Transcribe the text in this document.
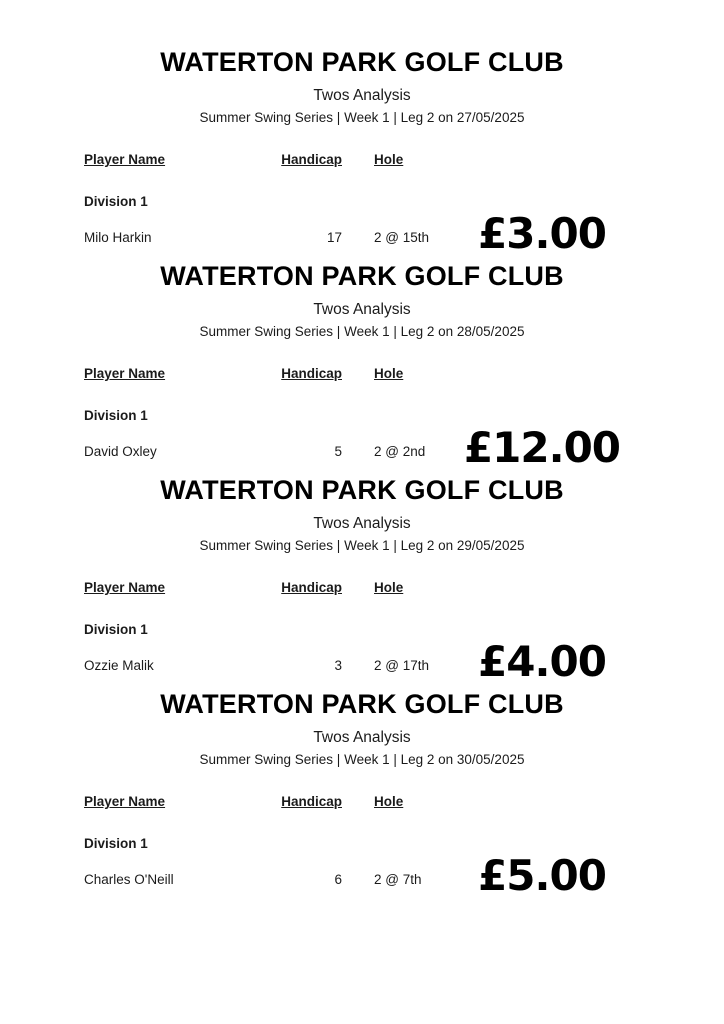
WATERTON PARK GOLF CLUB
Twos Analysis
Summer Swing Series | Week 1 | Leg 2 on 27/05/2025
Player Name	Handicap Hole
Division 1
Milo Harkin	17 2 @ 15th	£3.00
WATERTON PARK GOLF CLUB
Twos Analysis
Summer Swing Series | Week 1 | Leg 2 on 28/05/2025
Player Name	Handicap Hole
Division 1
David Oxley	5 2 @ 2nd £12.00
WATERTON PARK GOLF CLUB
Twos Analysis
Summer Swing Series | Week 1 | Leg 2 on 29/05/2025
Player Name	Handicap Hole
Division 1
Ozzie Malik	3 2 @ 17th	£4.00
WATERTON PARK GOLF CLUB
Twos Analysis
Summer Swing Series | Week 1 | Leg 2 on 30/05/2025
Player Name	Handicap Hole
Division 1
Charles O'Neill	6 2 @ 7th	£5.00
